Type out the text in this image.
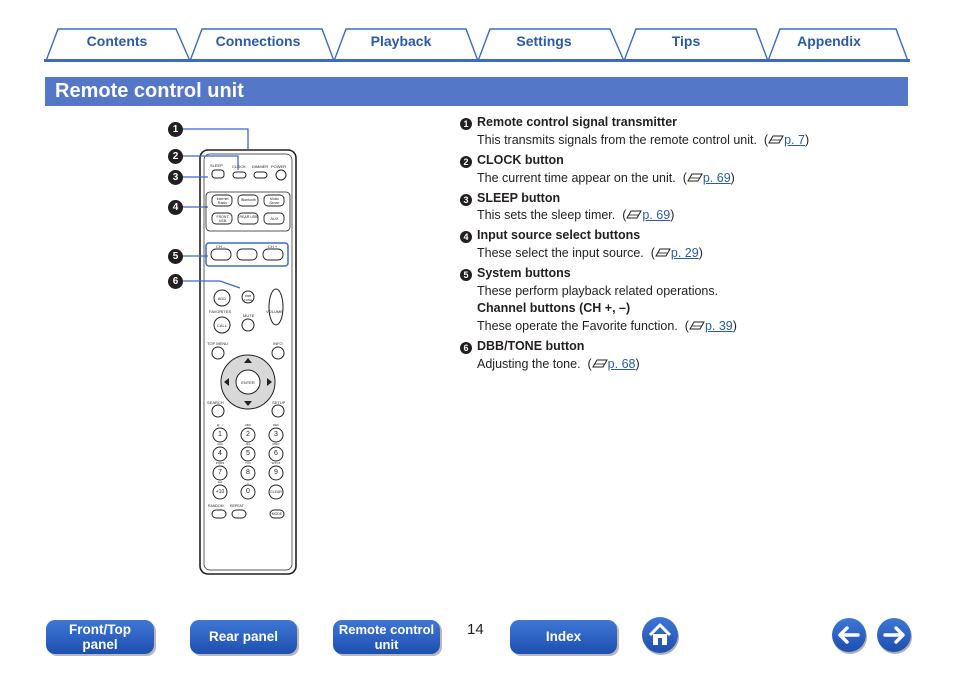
Contents	Connections	Playback	Settings	Tips	Appendix
Remote control unit
1
2
3
4
5
6
SLEEP CLOCK DIMMER POWER
Internet Radio
Bluetooth	Music Server
FRONT USB
REAR USB	AUX
CH –	CH +
ADD	DBB TONE
FAVORITES	VOLUME
CALL
MUTE
TOP MENU	INFO
ENTER
SEARCH	SETUP
1	2	3
4	5	6
7	8	9
+10	0	CLEAR
@ . /	ABC	DEF
GHI	JKL	MNO
PQRS	TUV	WXYZ
a/A	␣
RANDOM REPEAT
MODE
1 Remote control signal transmitter
This transmits signals from the remote control unit.  ( p. 7)
2 CLOCK button
The current time appear on the unit.  ( p. 69)
3 SLEEP button
This sets the sleep timer.  ( p. 69)
4 Input source select buttons
These select the input source.  ( p. 29)
5 System buttons
These perform playback related operations.
Channel buttons (CH +, –)
These operate the Favorite function.  ( p. 39)
6 DBB/TONE button
Adjusting the tone.  ( p. 68)
Front/Top
panel
Rear panel	Remote control
unit
14	Index
